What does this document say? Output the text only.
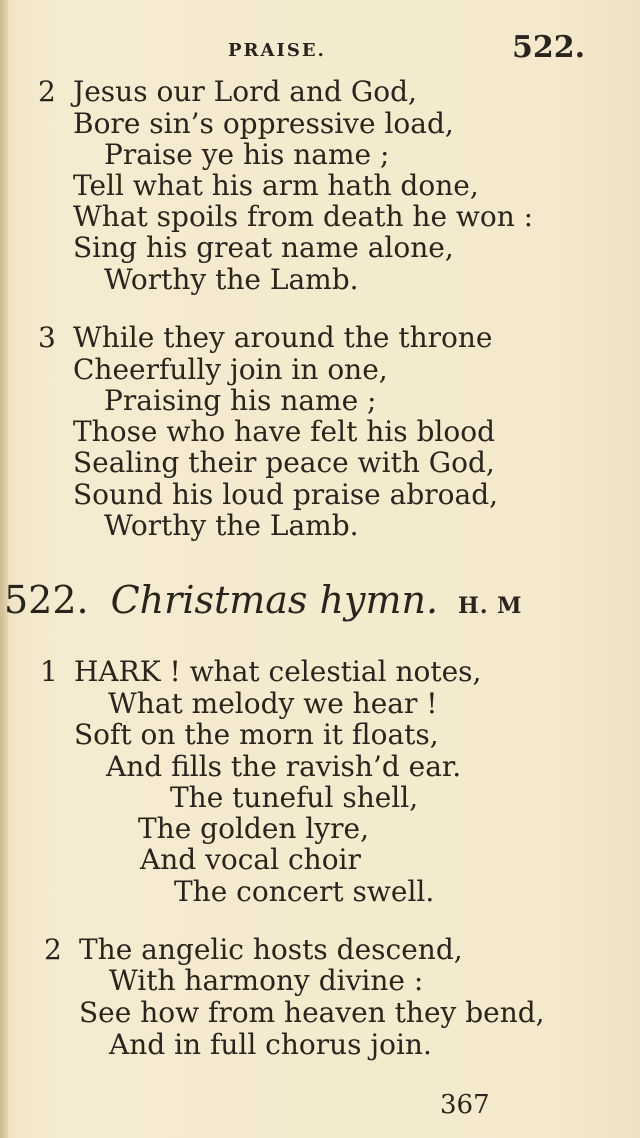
PRAISE.	522.
2 Jesus our Lord and God,
Bore sin’s oppressive load,
Praise ye his name ;
Tell what his arm hath done,
What spoils from death he won :
Sing his great name alone,
Worthy the Lamb.
3 While they around the throne
Cheerfully join in one,
Praising his name ;
Those who have felt his blood
Sealing their peace with God,
Sound his loud praise abroad,
Worthy the Lamb.
522. Christmas hymn. H. M
1 HARK ! what celestial notes,
What melody we hear !
Soft on the morn it floats,
And fills the ravish’d ear.
The tuneful shell,
The golden lyre,
And vocal choir
The concert swell.
2 The angelic hosts descend,
With harmony divine :
See how from heaven they bend,
And in full chorus join.
367
